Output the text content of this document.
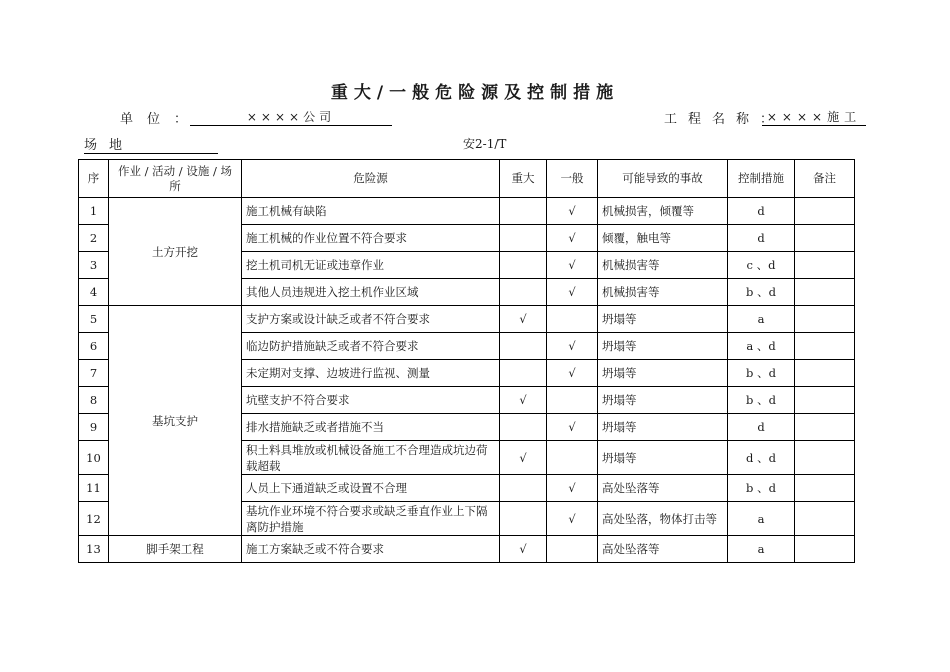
重大/一般危险源及控制措施
单位：	××××公司	工程名称：
××××施工
场地	安2-1/T
序	作业 / 活动 / 设施 / 场所	危险源	重大	一般	可能导致的事故	控制措施	备注
1	土方开挖	施工机械有缺陷		√	机械损害，倾覆等	d	
2		施工机械的作业位置不符合要求		√	倾覆，触电等	d	
3		挖土机司机无证或违章作业		√	机械损害等	c 、d	
4		其他人员违规进入挖土机作业区域		√	机械损害等	b 、d	
5	基坑支护	支护方案或设计缺乏或者不符合要求	√		坍塌等	a	
6		临边防护措施缺乏或者不符合要求		√	坍塌等	a 、d	
7		未定期对支撑、边坡进行监视、测量		√	坍塌等	b 、d	
8		坑壁支护不符合要求	√		坍塌等	b 、d	
9		排水措施缺乏或者措施不当		√	坍塌等	d	
10		积土料具堆放或机械设备施工不合理造成坑边荷载超载	√		坍塌等	d 、d	
11		人员上下通道缺乏或设置不合理		√	高处坠落等	b 、d	
12		基坑作业环境不符合要求或缺乏垂直作业上下隔离防护措施		√	高处坠落，物体打击等	a	
13	脚手架工程	施工方案缺乏或不符合要求	√		高处坠落等	a	
